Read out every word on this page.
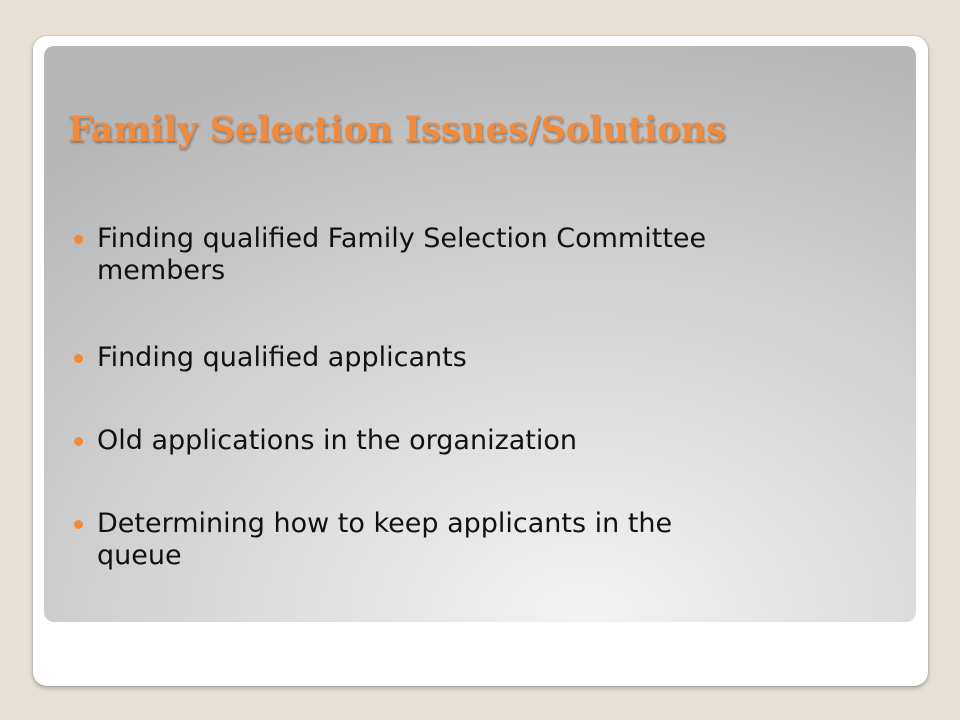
Family Selection Issues/Solutions
Finding qualified Family Selection Committee
members
Finding qualified applicants
Old applications in the organization
Determining how to keep applicants in the
queue
